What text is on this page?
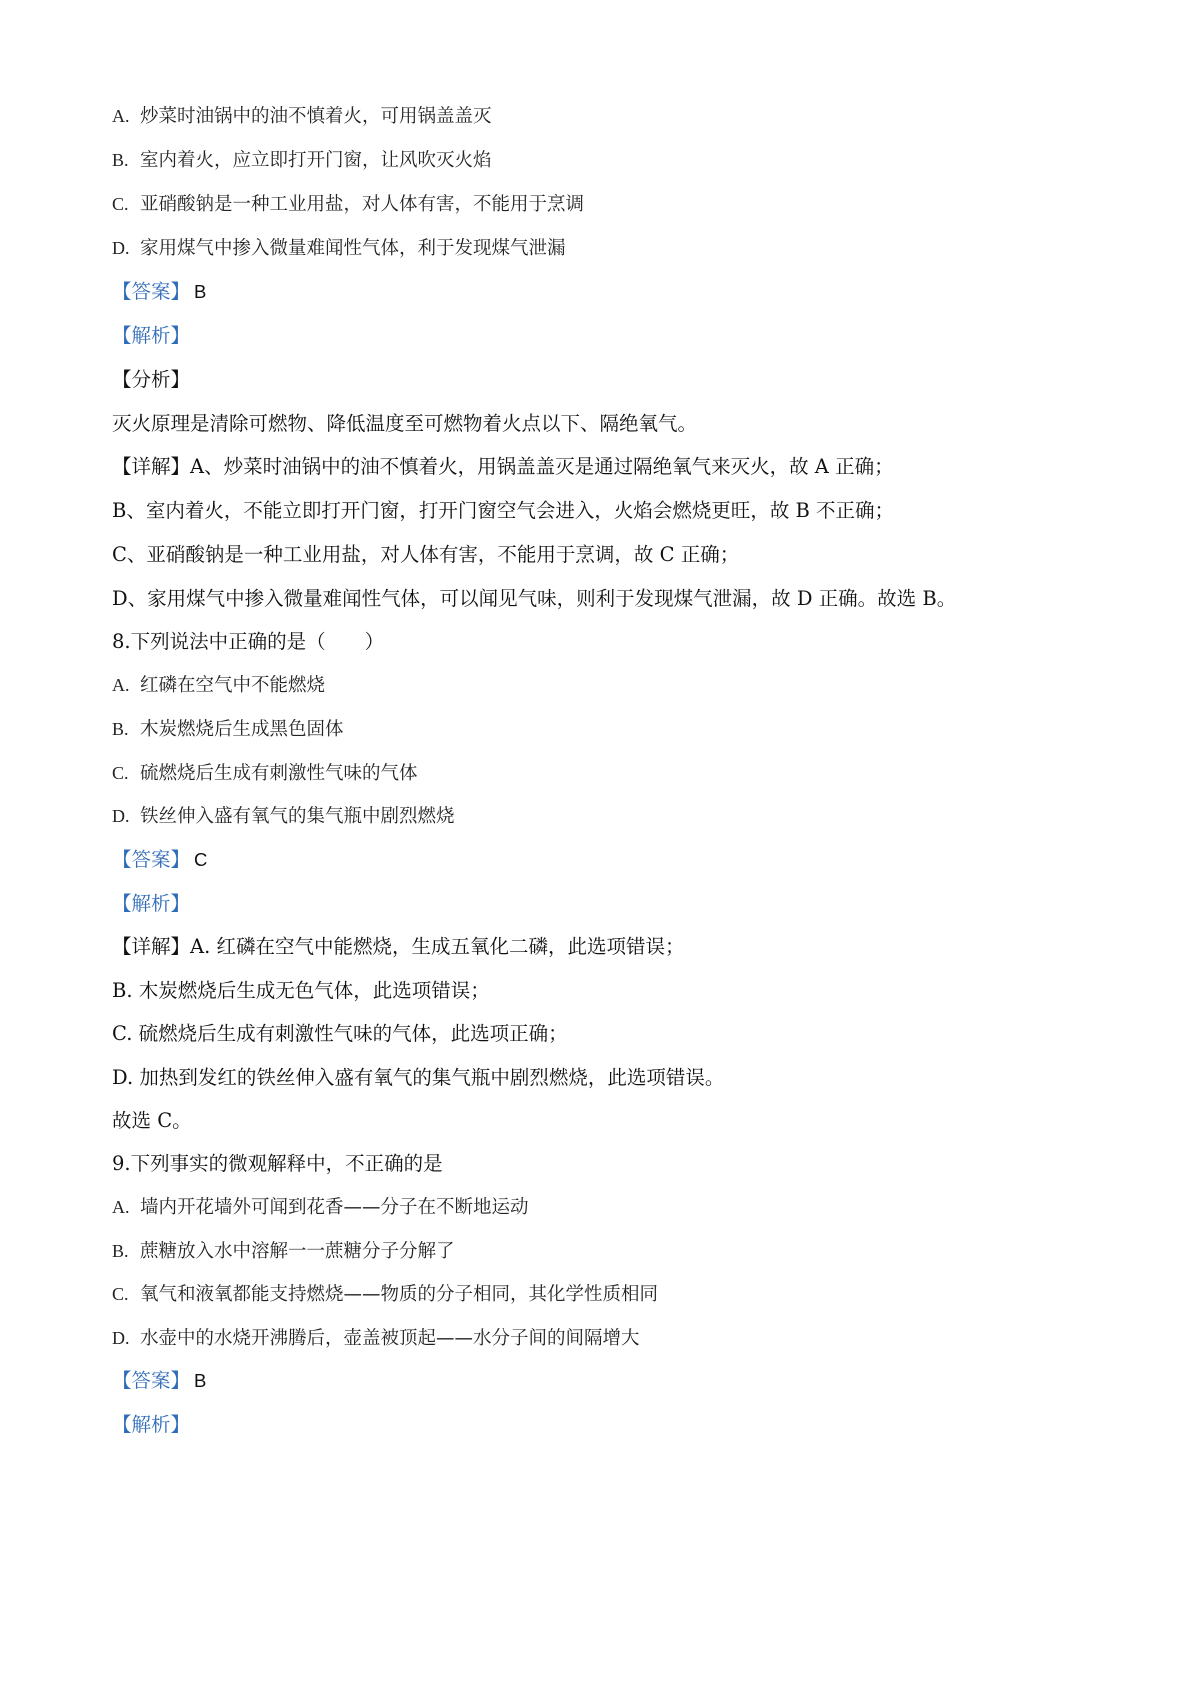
A. 炒菜时油锅中的油不慎着火，可用锅盖盖灭
B. 室内着火，应立即打开门窗，让风吹灭火焰
C. 亚硝酸钠是一种工业用盐，对人体有害，不能用于烹调
D. 家用煤气中掺入微量难闻性气体，利于发现煤气泄漏
【答案】 B
【解析】
【分析】
灭火原理是清除可燃物、降低温度至可燃物着火点以下、隔绝氧气。
【详解】A、炒菜时油锅中的油不慎着火，用锅盖盖灭是通过隔绝氧气来灭火，故 A 正确；
B、室内着火，不能立即打开门窗，打开门窗空气会进入，火焰会燃烧更旺，故 B 不正确；
C、亚硝酸钠是一种工业用盐，对人体有害，不能用于烹调，故 C 正确；
D、家用煤气中掺入微量难闻性气体，可以闻见气味，则利于发现煤气泄漏，故 D 正确。故选 B。
8.下列说法中正确的是（　　）
A. 红磷在空气中不能燃烧
B. 木炭燃烧后生成黑色固体
C. 硫燃烧后生成有刺激性气味的气体
D. 铁丝伸入盛有氧气的集气瓶中剧烈燃烧
【答案】 C
【解析】
【详解】A. 红磷在空气中能燃烧，生成五氧化二磷，此选项错误；
B. 木炭燃烧后生成无色气体，此选项错误；
C. 硫燃烧后生成有刺激性气味的气体，此选项正确；
D. 加热到发红的铁丝伸入盛有氧气的集气瓶中剧烈燃烧，此选项错误。
故选 C。
9.下列事实的微观解释中，不正确的是
A. 墙内开花墙外可闻到花香——分子在不断地运动
B. 蔗糖放入水中溶解一一蔗糖分子分解了
C. 氧气和液氧都能支持燃烧——物质的分子相同，其化学性质相同
D. 水壶中的水烧开沸腾后，壶盖被顶起——水分子间的间隔增大
【答案】 B
【解析】
